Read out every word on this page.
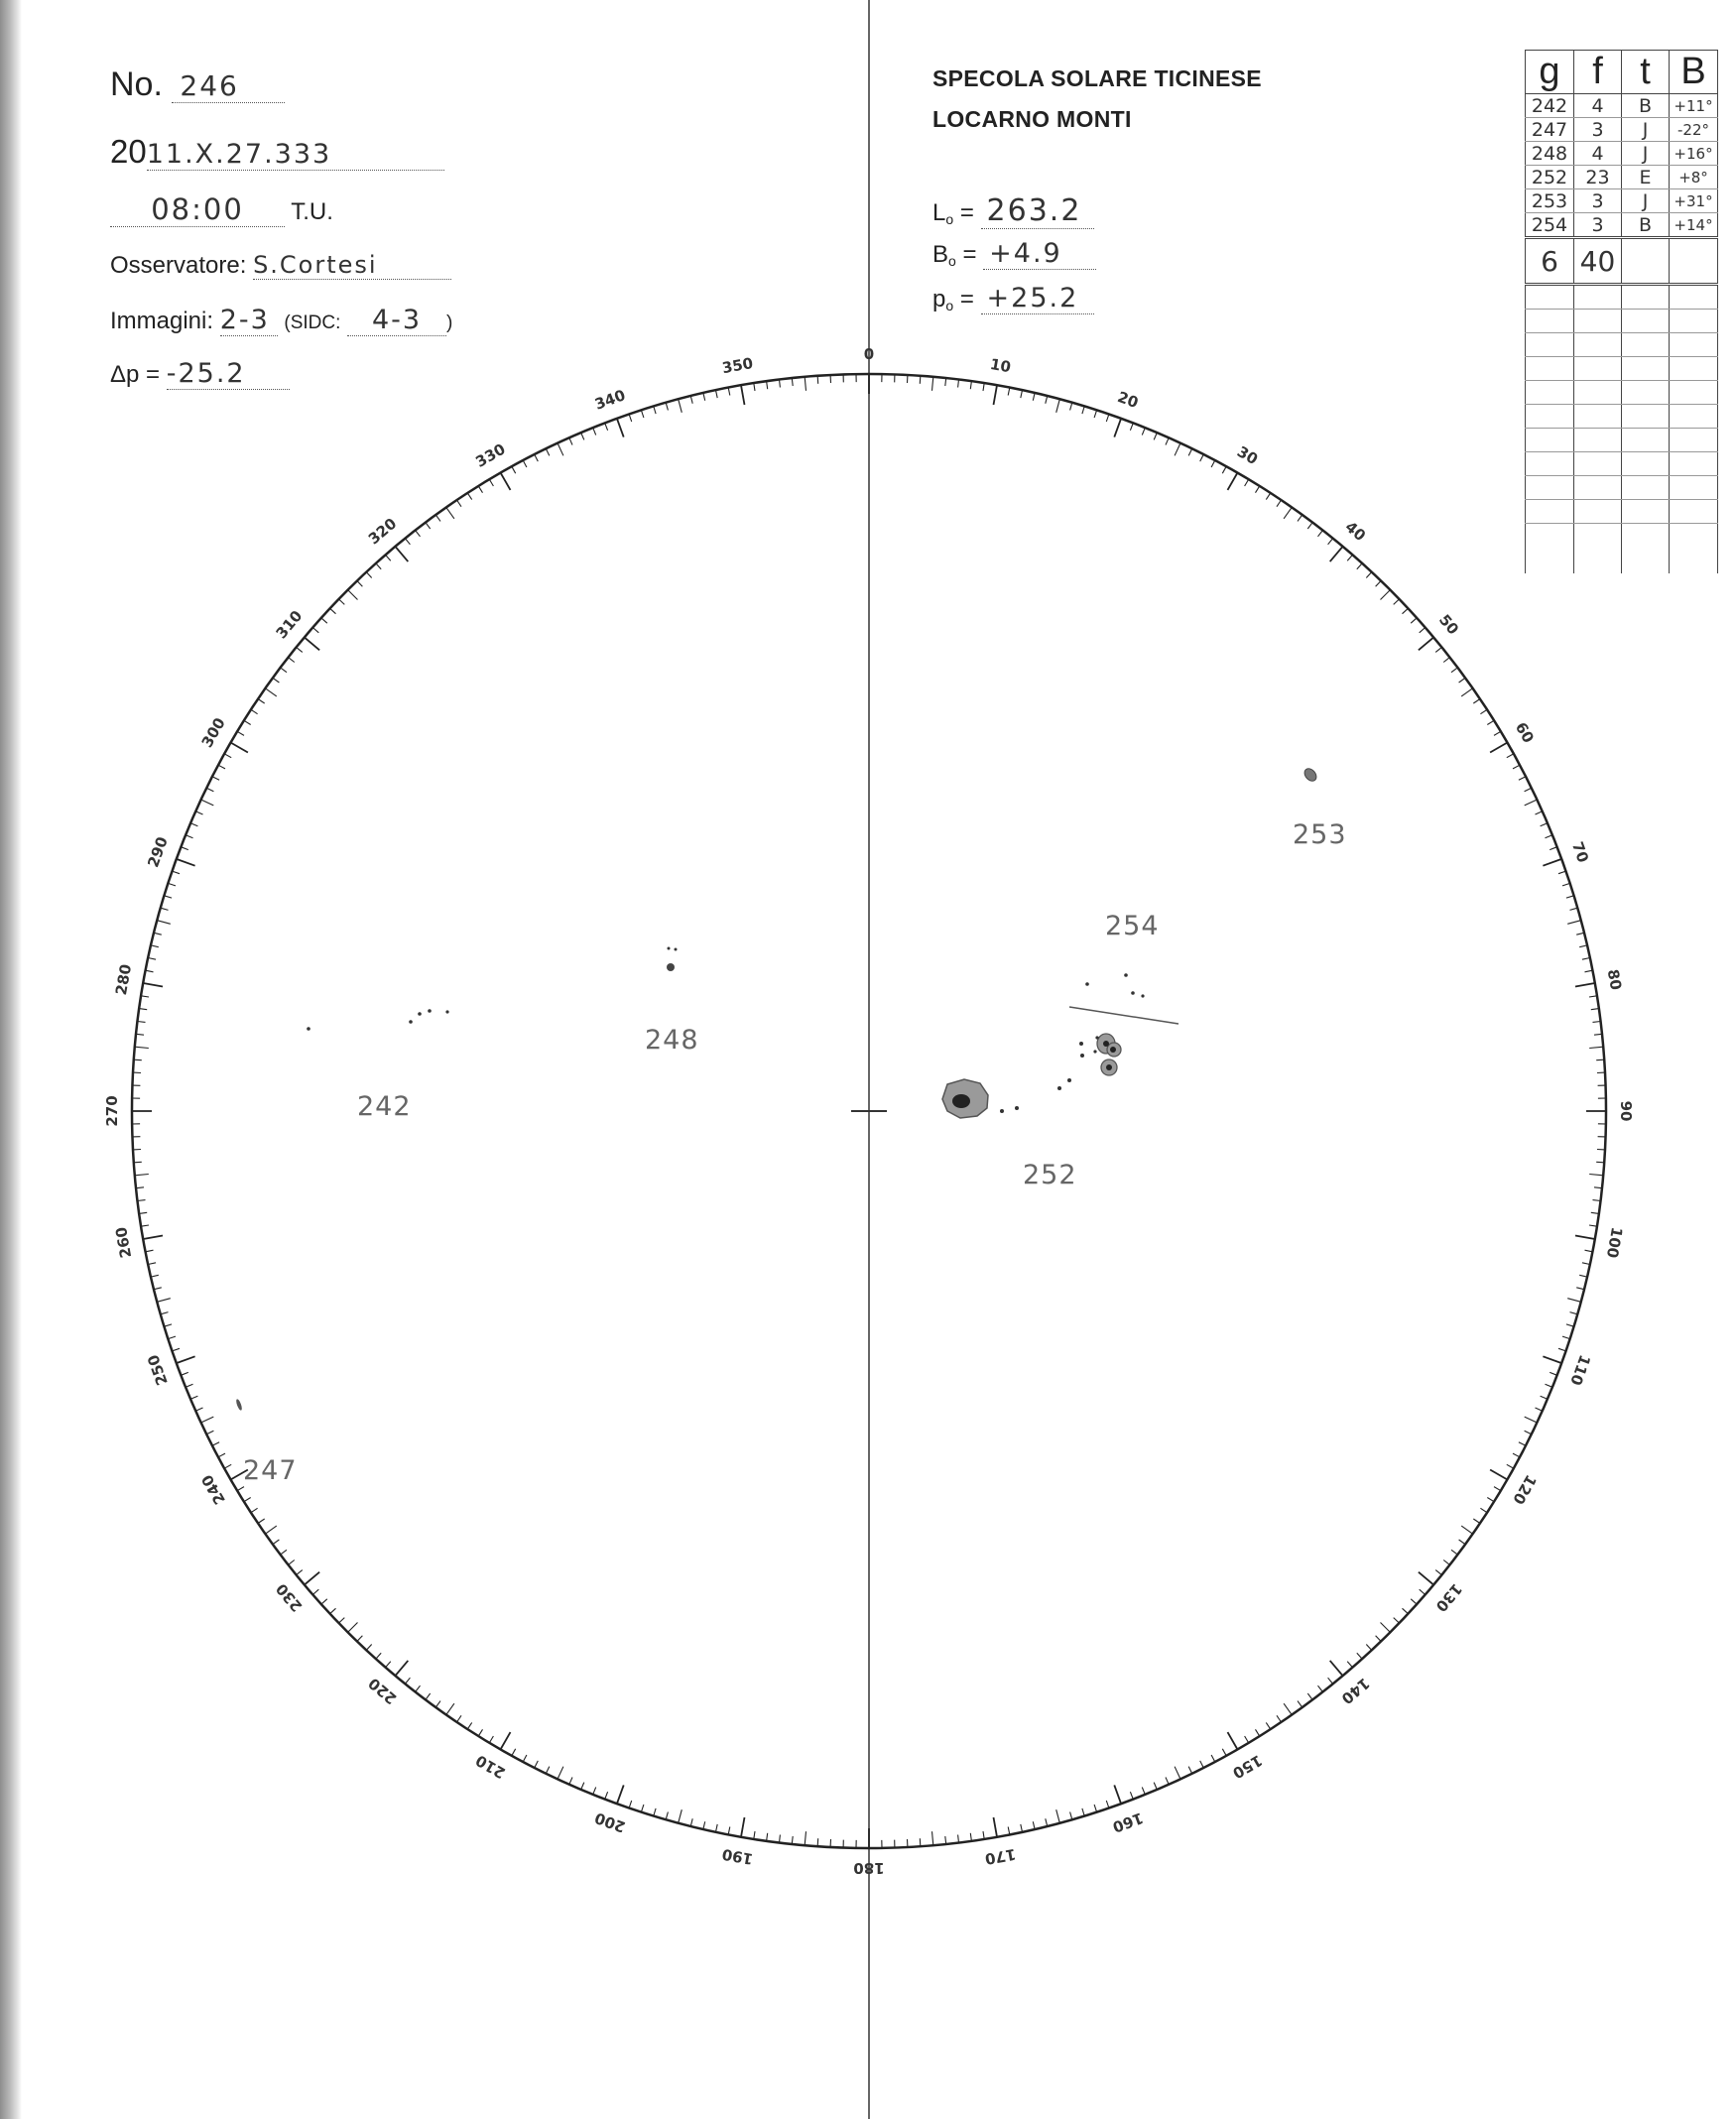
No. 246
2011.X.27.333
08:00 T.U.
Osservatore: S.Cortesi
Immagini: 2-3 (SIDC: 4-3 )
Δp = -25.2
SPECOLA SOLARE TICINESE
LOCARNO MONTI
$L_o = 263.2$
$B_o = +4.9$
$p_o = +25.2$
g	f	t	B
242	4	B	+11°
247	3	J	-22°
248	4	J	+16°
252	23	E	+8°
253	3	J	+31°
254	3	B	+14°
6	40		

0
10
20
30
40
50
60
70
80
90
100
110
120
130
140
150
160
170
180
190
200
210
220
230
240
250
260
270
280
290
300
310
320
330
340
350
253
254
248
242
252
247
